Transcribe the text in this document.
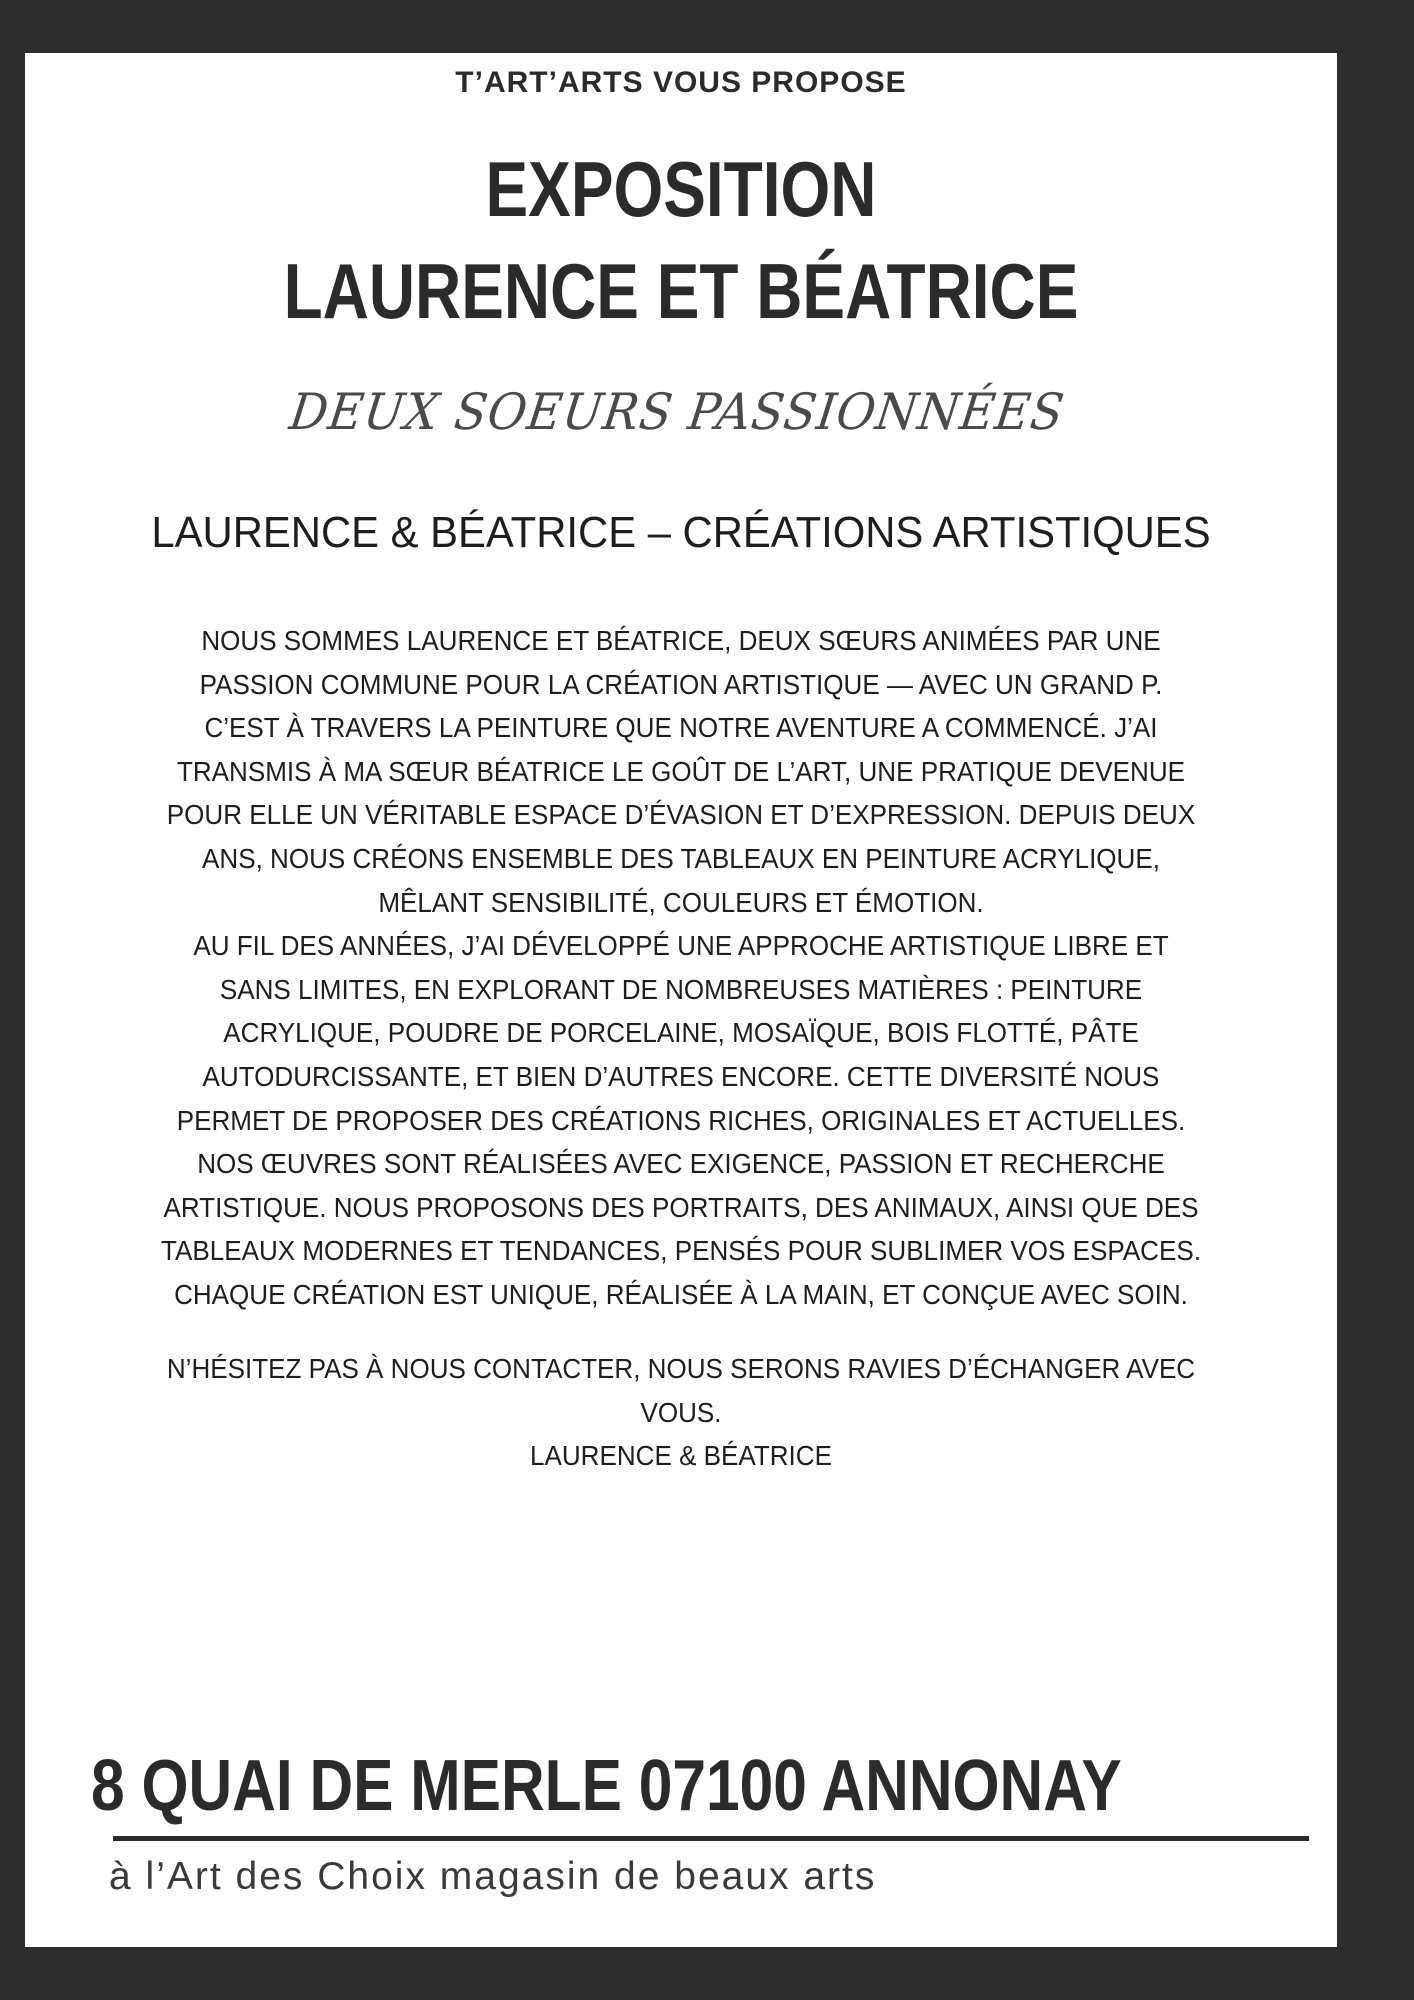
T’ART’ARTS VOUS PROPOSE
EXPOSITION
LAURENCE ET BÉATRICE
DEUX SOEURS PASSIONNÉES
LAURENCE & BÉATRICE – CRÉATIONS ARTISTIQUES
NOUS SOMMES LAURENCE ET BÉATRICE, DEUX SŒURS ANIMÉES PAR UNE
PASSION COMMUNE POUR LA CRÉATION ARTISTIQUE — AVEC UN GRAND P.
C’EST À TRAVERS LA PEINTURE QUE NOTRE AVENTURE A COMMENCÉ. J’AI
TRANSMIS À MA SŒUR BÉATRICE LE GOÛT DE L’ART, UNE PRATIQUE DEVENUE
POUR ELLE UN VÉRITABLE ESPACE D’ÉVASION ET D’EXPRESSION. DEPUIS DEUX
ANS, NOUS CRÉONS ENSEMBLE DES TABLEAUX EN PEINTURE ACRYLIQUE,
MÊLANT SENSIBILITÉ, COULEURS ET ÉMOTION.
AU FIL DES ANNÉES, J’AI DÉVELOPPÉ UNE APPROCHE ARTISTIQUE LIBRE ET
SANS LIMITES, EN EXPLORANT DE NOMBREUSES MATIÈRES : PEINTURE
ACRYLIQUE, POUDRE DE PORCELAINE, MOSAÏQUE, BOIS FLOTTÉ, PÂTE
AUTODURCISSANTE, ET BIEN D’AUTRES ENCORE. CETTE DIVERSITÉ NOUS
PERMET DE PROPOSER DES CRÉATIONS RICHES, ORIGINALES ET ACTUELLES.
NOS ŒUVRES SONT RÉALISÉES AVEC EXIGENCE, PASSION ET RECHERCHE
ARTISTIQUE. NOUS PROPOSONS DES PORTRAITS, DES ANIMAUX, AINSI QUE DES
TABLEAUX MODERNES ET TENDANCES, PENSÉS POUR SUBLIMER VOS ESPACES.
CHAQUE CRÉATION EST UNIQUE, RÉALISÉE À LA MAIN, ET CONÇUE AVEC SOIN.
N’HÉSITEZ PAS À NOUS CONTACTER, NOUS SERONS RAVIES D’ÉCHANGER AVEC
VOUS.
LAURENCE & BÉATRICE
8 QUAI DE MERLE 07100 ANNONAY
à l’Art des Choix magasin de beaux arts
